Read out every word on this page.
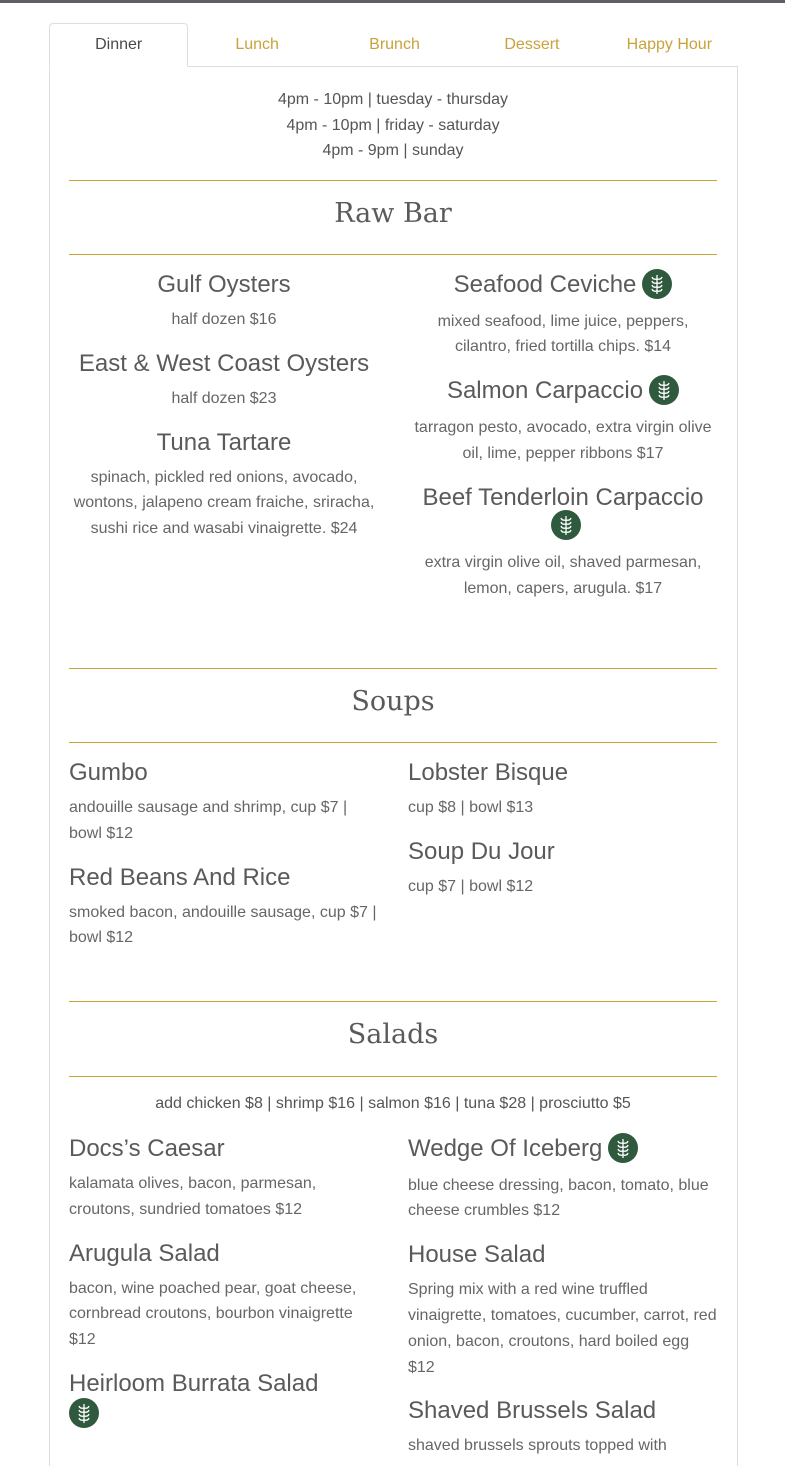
Dinner	Lunch	Brunch	Dessert	Happy Hour
4pm - 10pm | tuesday - thursday
4pm - 10pm | friday - saturday
4pm - 9pm | sunday
Raw Bar
Gulf Oysters
half dozen $16
East & West Coast Oysters
half dozen $23
Tuna Tartare
spinach, pickled red onions, avocado, wontons, jalapeno cream fraiche, sriracha, sushi rice and wasabi vinaigrette. $24
Seafood Ceviche
mixed seafood, lime juice, peppers, cilantro, fried tortilla chips. $14
Salmon Carpaccio
tarragon pesto, avocado, extra virgin olive oil, lime, pepper ribbons $17
Beef Tenderloin Carpaccio
extra virgin olive oil, shaved parmesan, lemon, capers, arugula. $17
Soups
Gumbo
andouille sausage and shrimp, cup $7 | bowl $12
Red Beans And Rice
smoked bacon, andouille sausage, cup $7 | bowl $12
Lobster Bisque
cup $8 | bowl $13
Soup Du Jour
cup $7 | bowl $12
Salads
add chicken $8 | shrimp $16 | salmon $16 | tuna $28 | prosciutto $5
Docs’s Caesar
kalamata olives, bacon, parmesan, croutons, sundried tomatoes $12
Arugula Salad
bacon, wine poached pear, goat cheese, cornbread croutons, bourbon vinaigrette $12
Heirloom Burrata Salad

Wedge Of Iceberg
blue cheese dressing, bacon, tomato, blue cheese crumbles $12
House Salad
Spring mix with a red wine truffled vinaigrette, tomatoes, cucumber, carrot, red onion, bacon, croutons, hard boiled egg $12
Shaved Brussels Salad
shaved brussels sprouts topped with
